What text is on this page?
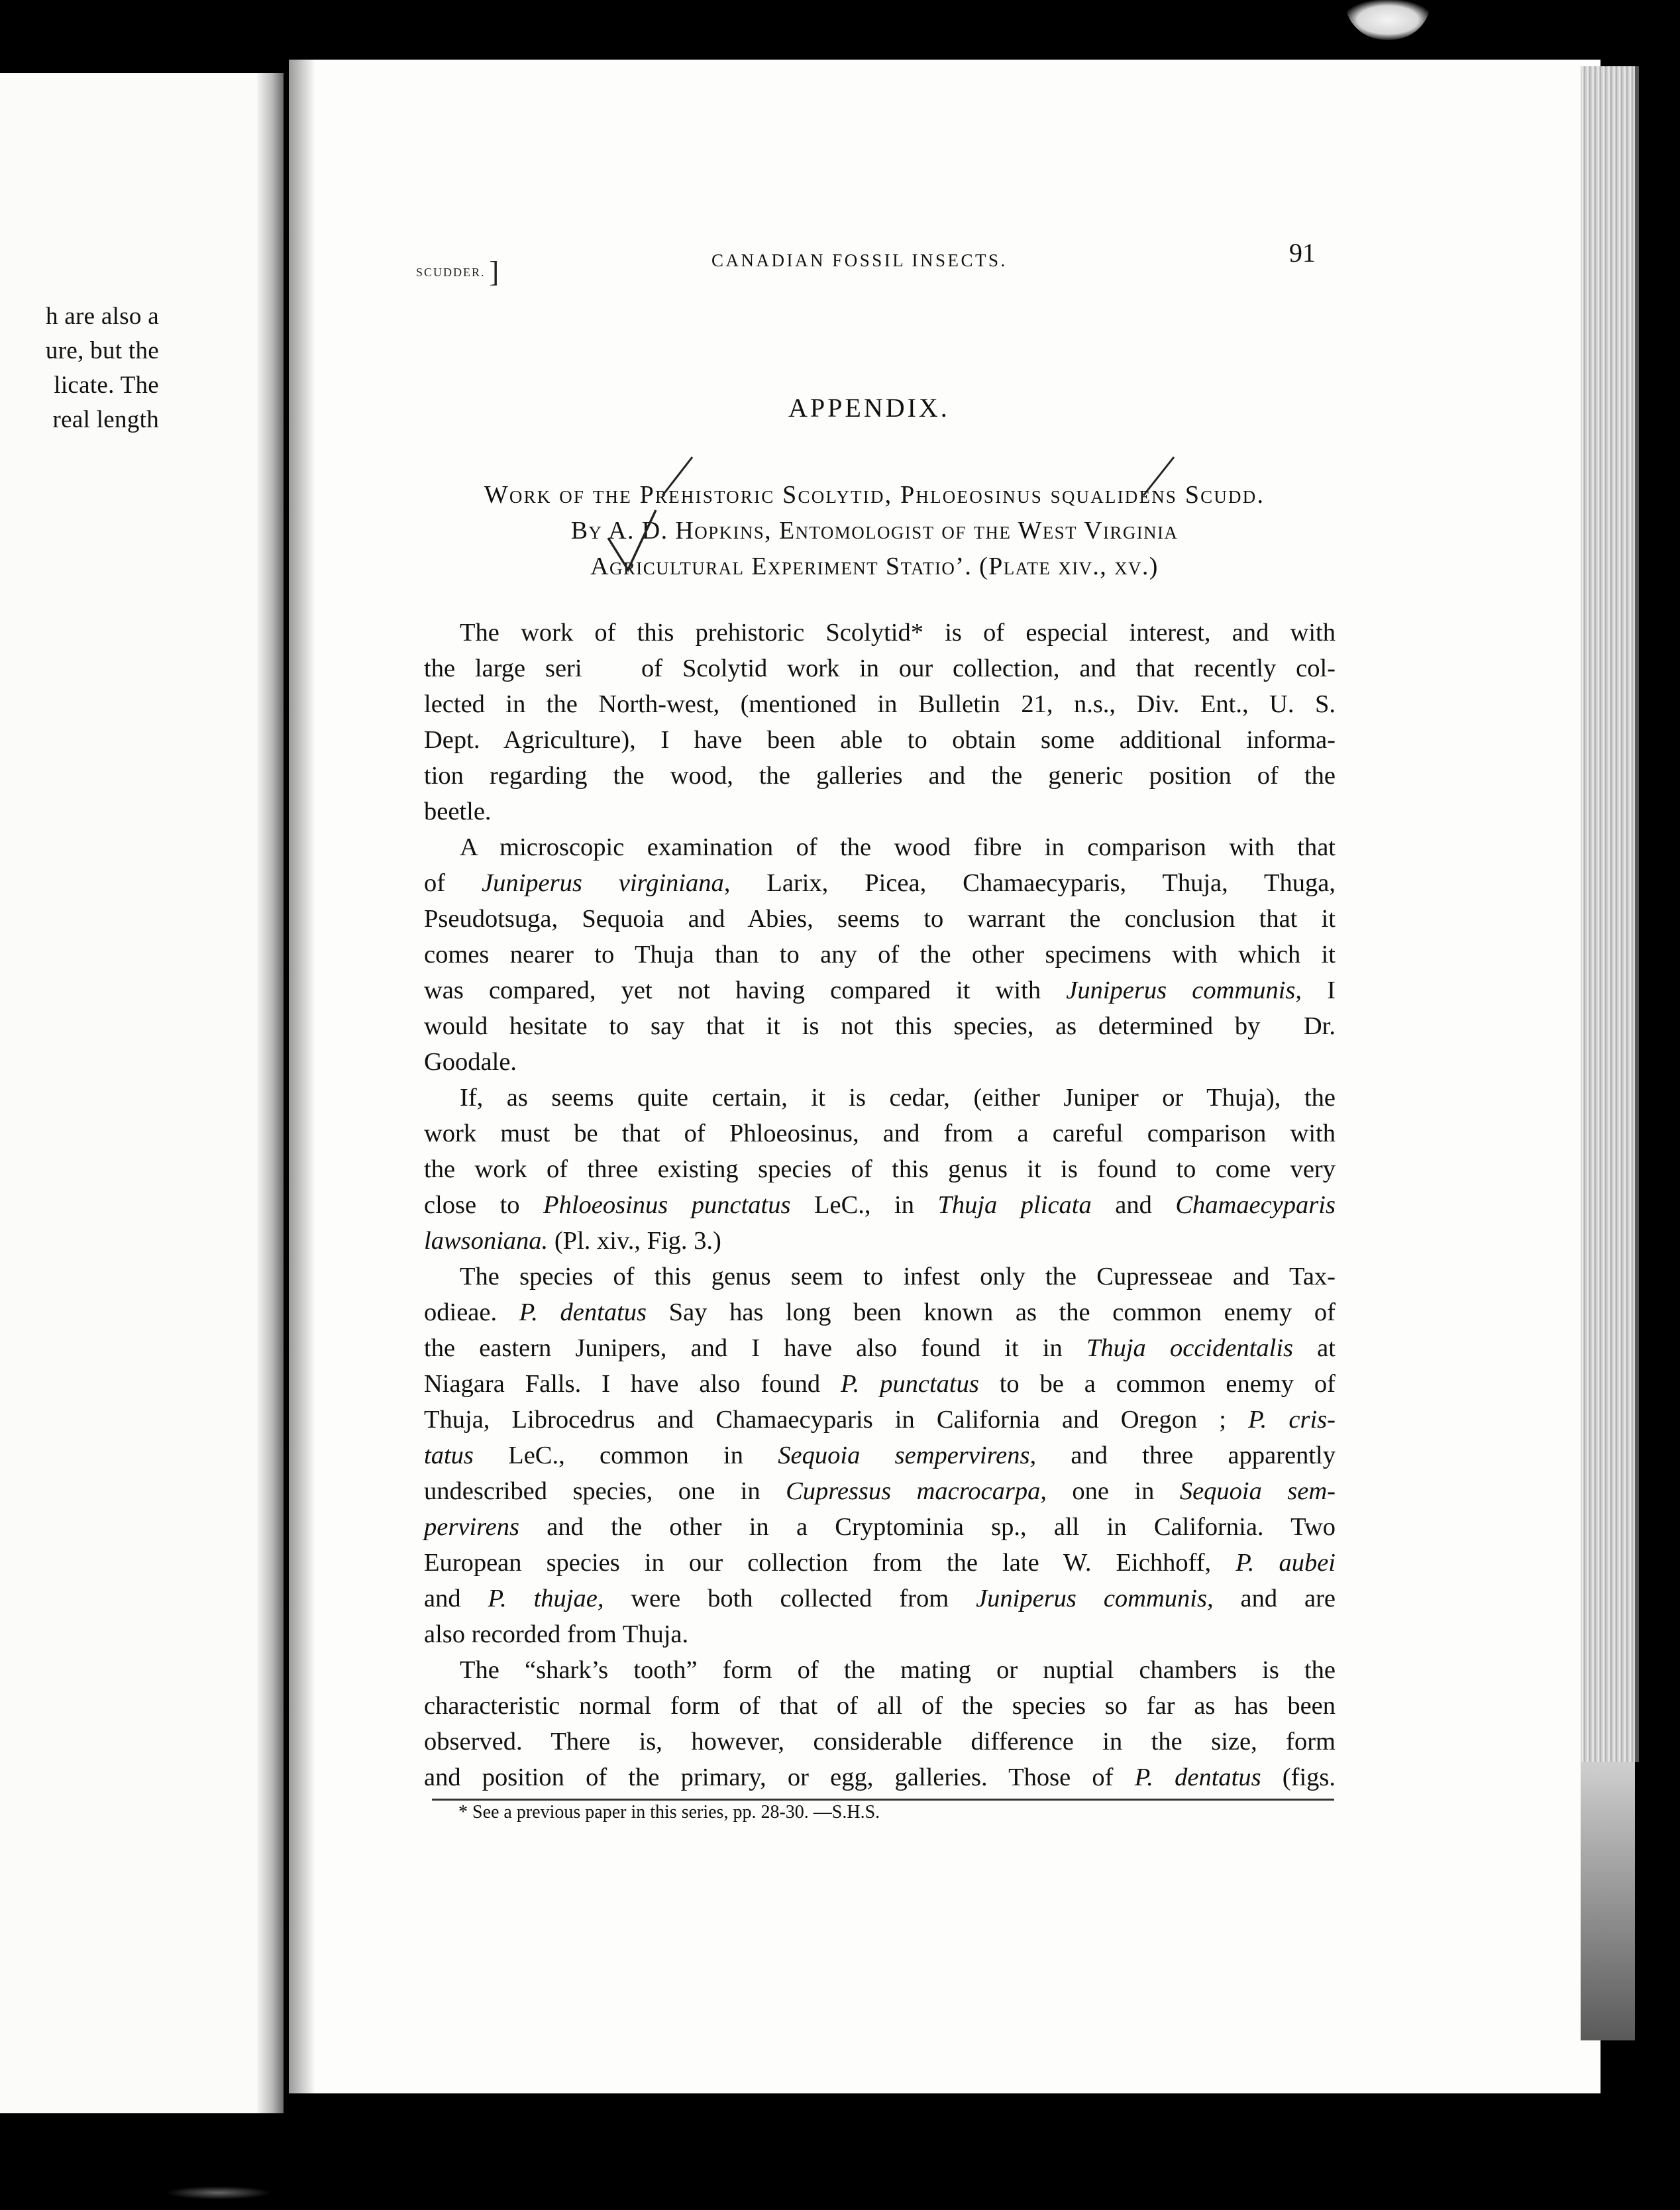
h are also a
ure, but the
licate. The
real length
SCUDDER. ]	CANADIAN FOSSIL INSECTS.	91
APPENDIX.
Work of the Prehistoric Scolytid, Phloeosinus squalidens Scudd.
By A. D. Hopkins, Entomologist of the West Virginia
Agricultural Experiment Statio’. (Plate xiv., xv.)
The work of this prehistoric Scolytid* is of especial interest, and with
the large seri   of Scolytid work in our collection, and that recently col-
lected in the North-west, (mentioned in Bulletin 21, n.s., Div. Ent., U. S.
Dept. Agriculture), I have been able to obtain some additional informa-
tion regarding the wood, the galleries and the generic position of the
beetle.
A microscopic examination of the wood fibre in comparison with that
of Juniperus virginiana, Larix, Picea, Chamaecyparis, Thuja, Thuga,
Pseudotsuga, Sequoia and Abies, seems to warrant the conclusion that it
comes nearer to Thuja than to any of the other specimens with which it
was compared, yet not having compared it with Juniperus communis, I
would hesitate to say that it is not this species, as determined by  Dr.
Goodale.
If, as seems quite certain, it is cedar, (either Juniper or Thuja), the
work must be that of Phloeosinus, and from a careful comparison with
the work of three existing species of this genus it is found to come very
close to Phloeosinus punctatus LeC., in Thuja plicata and Chamaecyparis
lawsoniana. (Pl. xiv., Fig. 3.)
The species of this genus seem to infest only the Cupresseae and Tax-
odieae. P. dentatus Say has long been known as the common enemy of
the eastern Junipers, and I have also found it in Thuja occidentalis at
Niagara Falls. I have also found P. punctatus to be a common enemy of
Thuja, Librocedrus and Chamaecyparis in California and Oregon ; P. cris-
tatus LeC., common in Sequoia sempervirens, and three apparently
undescribed species, one in Cupressus macrocarpa, one in Sequoia sem-
pervirens and the other in a Cryptominia sp., all in California. Two
European species in our collection from the late W. Eichhoff, P. aubei
and P. thujae, were both collected from Juniperus communis, and are
also recorded from Thuja.
The “shark’s tooth” form of the mating or nuptial chambers is the
characteristic normal form of that of all of the species so far as has been
observed. There is, however, considerable difference in the size, form
and position of the primary, or egg, galleries. Those of P. dentatus (figs.
* See a previous paper in this series, pp. 28-30. —S.H.S.
